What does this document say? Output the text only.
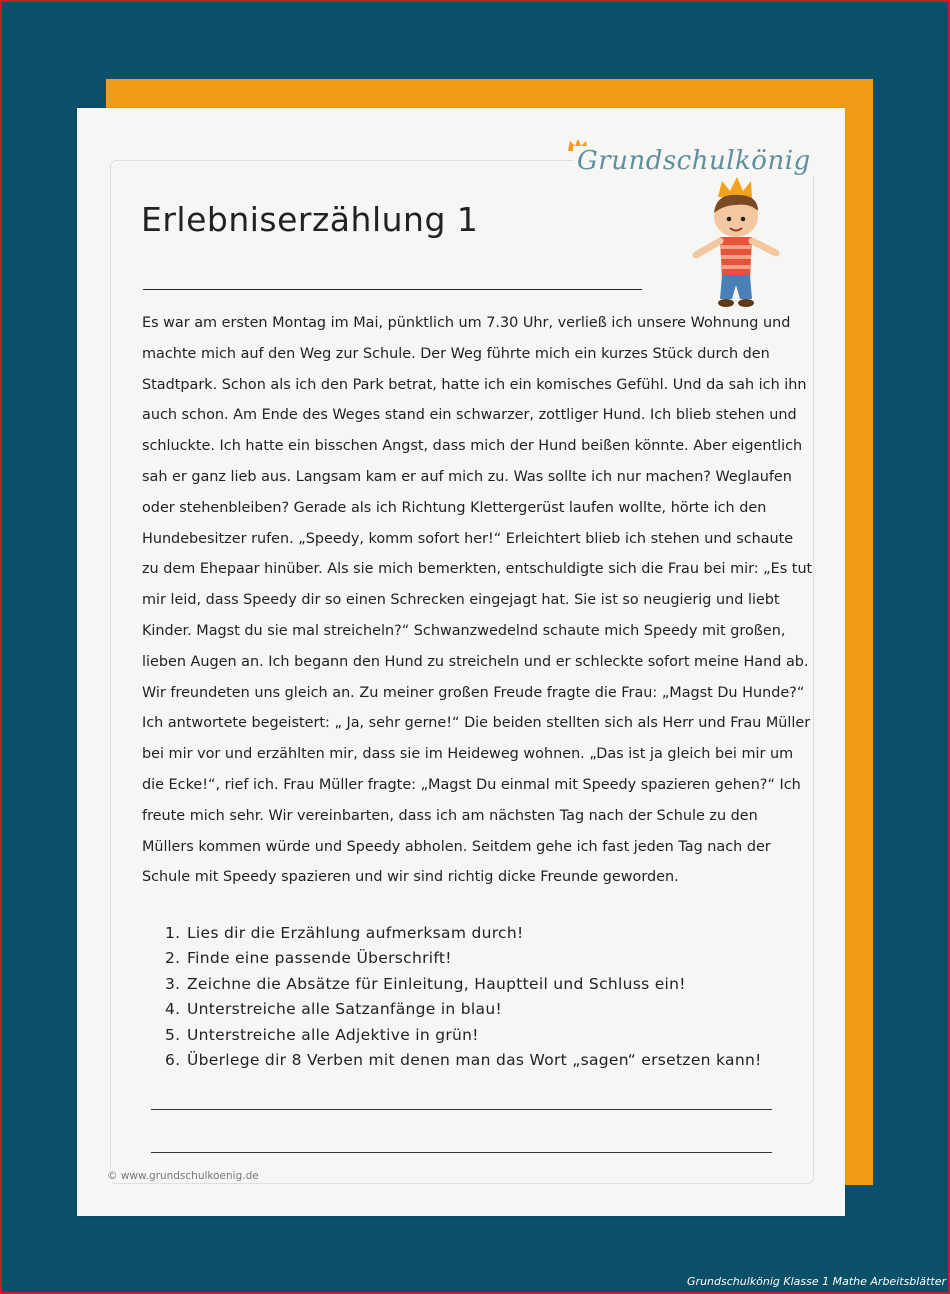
Grundschulkönig
Erlebniserzählung 1
Es war am ersten Montag im Mai, pünktlich um 7.30 Uhr, verließ ich unsere Wohnung und
machte mich auf den Weg zur Schule. Der Weg führte mich ein kurzes Stück durch den
Stadtpark. Schon als ich den Park betrat, hatte ich ein komisches Gefühl. Und da sah ich ihn
auch schon. Am Ende des Weges stand ein schwarzer, zottliger Hund. Ich blieb stehen und
schluckte. Ich hatte ein bisschen Angst, dass mich der Hund beißen könnte. Aber eigentlich
sah er ganz lieb aus. Langsam kam er auf mich zu. Was sollte ich nur machen? Weglaufen
oder stehenbleiben? Gerade als ich Richtung Klettergerüst laufen wollte, hörte ich den
Hundebesitzer rufen. „Speedy, komm sofort her!“ Erleichtert blieb ich stehen und schaute
zu dem Ehepaar hinüber. Als sie mich bemerkten, entschuldigte sich die Frau bei mir: „Es tut
mir leid, dass Speedy dir so einen Schrecken eingejagt hat. Sie ist so neugierig und liebt
Kinder. Magst du sie mal streicheln?“ Schwanzwedelnd schaute mich Speedy mit großen,
lieben Augen an. Ich begann den Hund zu streicheln und er schleckte sofort meine Hand ab.
Wir freundeten uns gleich an. Zu meiner großen Freude fragte die Frau: „Magst Du Hunde?“
Ich antwortete begeistert: „ Ja, sehr gerne!“ Die beiden stellten sich als Herr und Frau Müller
bei mir vor und erzählten mir, dass sie im Heideweg wohnen. „Das ist ja gleich bei mir um
die Ecke!“, rief ich. Frau Müller fragte: „Magst Du einmal mit Speedy spazieren gehen?“ Ich
freute mich sehr. Wir vereinbarten, dass ich am nächsten Tag nach der Schule zu den
Müllers kommen würde und Speedy abholen. Seitdem gehe ich fast jeden Tag nach der
Schule mit Speedy spazieren und wir sind richtig dicke Freunde geworden.
1. Lies dir die Erzählung aufmerksam durch!
2. Finde eine passende Überschrift!
3. Zeichne die Absätze für Einleitung, Hauptteil und Schluss ein!
4. Unterstreiche alle Satzanfänge in blau!
5. Unterstreiche alle Adjektive in grün!
6. Überlege dir 8 Verben mit denen man das Wort „sagen“ ersetzen kann!
© www.grundschulkoenig.de
Grundschulkönig Klasse 1 Mathe Arbeitsblätter
